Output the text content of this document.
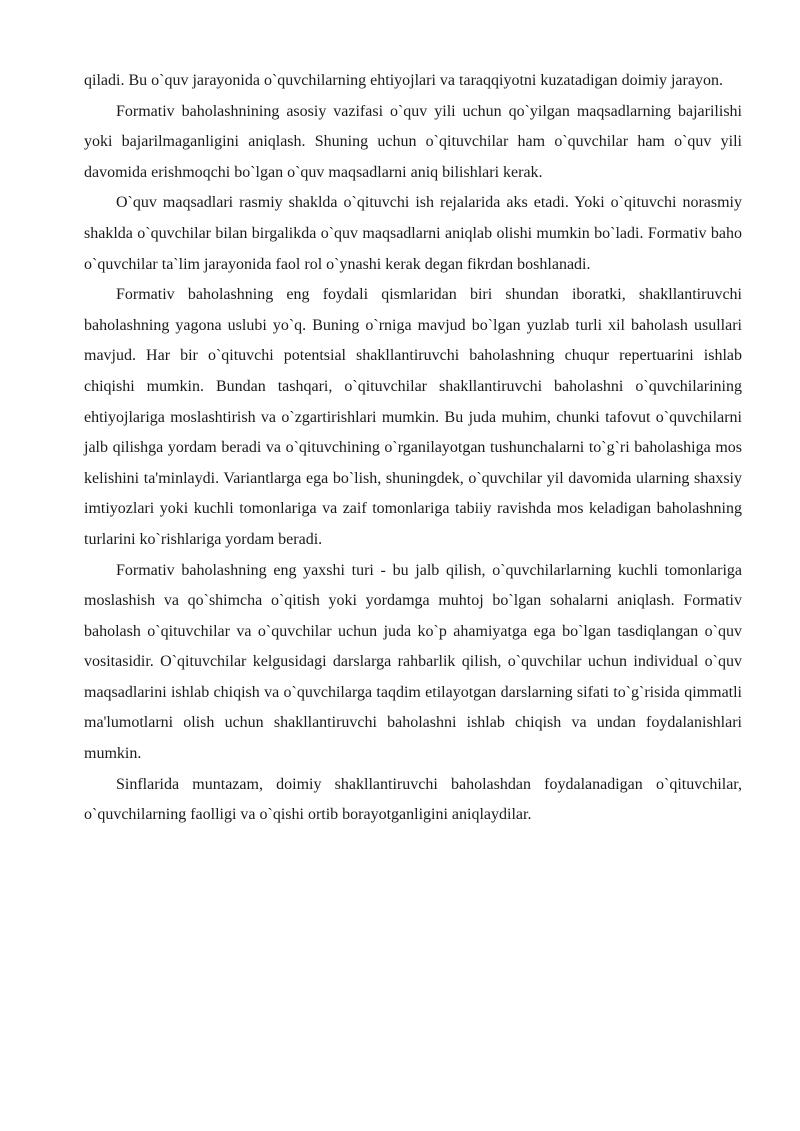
qiladi. Bu o`quv jarayonida o`quvchilarning ehtiyojlari va taraqqiyotni kuzatadigan doimiy jarayon.

Formativ baholashnining asosiy vazifasi o`quv yili uchun qo`yilgan maqsadlarning bajarilishi yoki bajarilmaganligini aniqlash. Shuning uchun o`qituvchilar ham o`quvchilar ham o`quv yili davomida erishmoqchi bo`lgan o`quv maqsadlarni aniq bilishlari kerak.

O`quv maqsadlari rasmiy shaklda o`qituvchi ish rejalarida aks etadi. Yoki o`qituvchi norasmiy shaklda o`quvchilar bilan birgalikda o`quv maqsadlarni aniqlab olishi mumkin bo`ladi. Formativ baho o`quvchilar ta`lim jarayonida faol rol o`ynashi kerak degan fikrdan boshlanadi.

Formativ baholashning eng foydali qismlaridan biri shundan iboratki, shakllantiruvchi baholashning yagona uslubi yo`q. Buning o`rniga mavjud bo`lgan yuzlab turli xil baholash usullari mavjud. Har bir o`qituvchi potentsial shakllantiruvchi baholashning chuqur repertuarini ishlab chiqishi mumkin. Bundan tashqari, o`qituvchilar shakllantiruvchi baholashni o`quvchilarining ehtiyojlariga moslashtirish va o`zgartirishlari mumkin. Bu juda muhim, chunki tafovut o`quvchilarni jalb qilishga yordam beradi va o`qituvchining o`rganilayotgan tushunchalarni to`g`ri baholashiga mos kelishini ta'minlaydi. Variantlarga ega bo`lish, shuningdek, o`quvchilar yil davomida ularning shaxsiy imtiyozlari yoki kuchli tomonlariga va zaif tomonlariga tabiiy ravishda mos keladigan baholashning turlarini ko`rishlariga yordam beradi.

Formativ baholashning eng yaxshi turi - bu jalb qilish, o`quvchilarlarning kuchli tomonlariga moslashish va qo`shimcha o`qitish yoki yordamga muhtoj bo`lgan sohalarni aniqlash. Formativ baholash o`qituvchilar va o`quvchilar uchun juda ko`p ahamiyatga ega bo`lgan tasdiqlangan o`quv vositasidir. O`qituvchilar kelgusidagi darslarga rahbarlik qilish, o`quvchilar uchun individual o`quv maqsadlarini ishlab chiqish va o`quvchilarga taqdim etilayotgan darslarning sifati to`g`risida qimmatli ma'lumotlarni olish uchun shakllantiruvchi baholashni ishlab chiqish va undan foydalanishlari mumkin.

Sinflarida muntazam, doimiy shakllantiruvchi baholashdan foydalanadigan o`qituvchilar, o`quvchilarning faolligi va o`qishi ortib borayotganligini aniqlaydilar.
